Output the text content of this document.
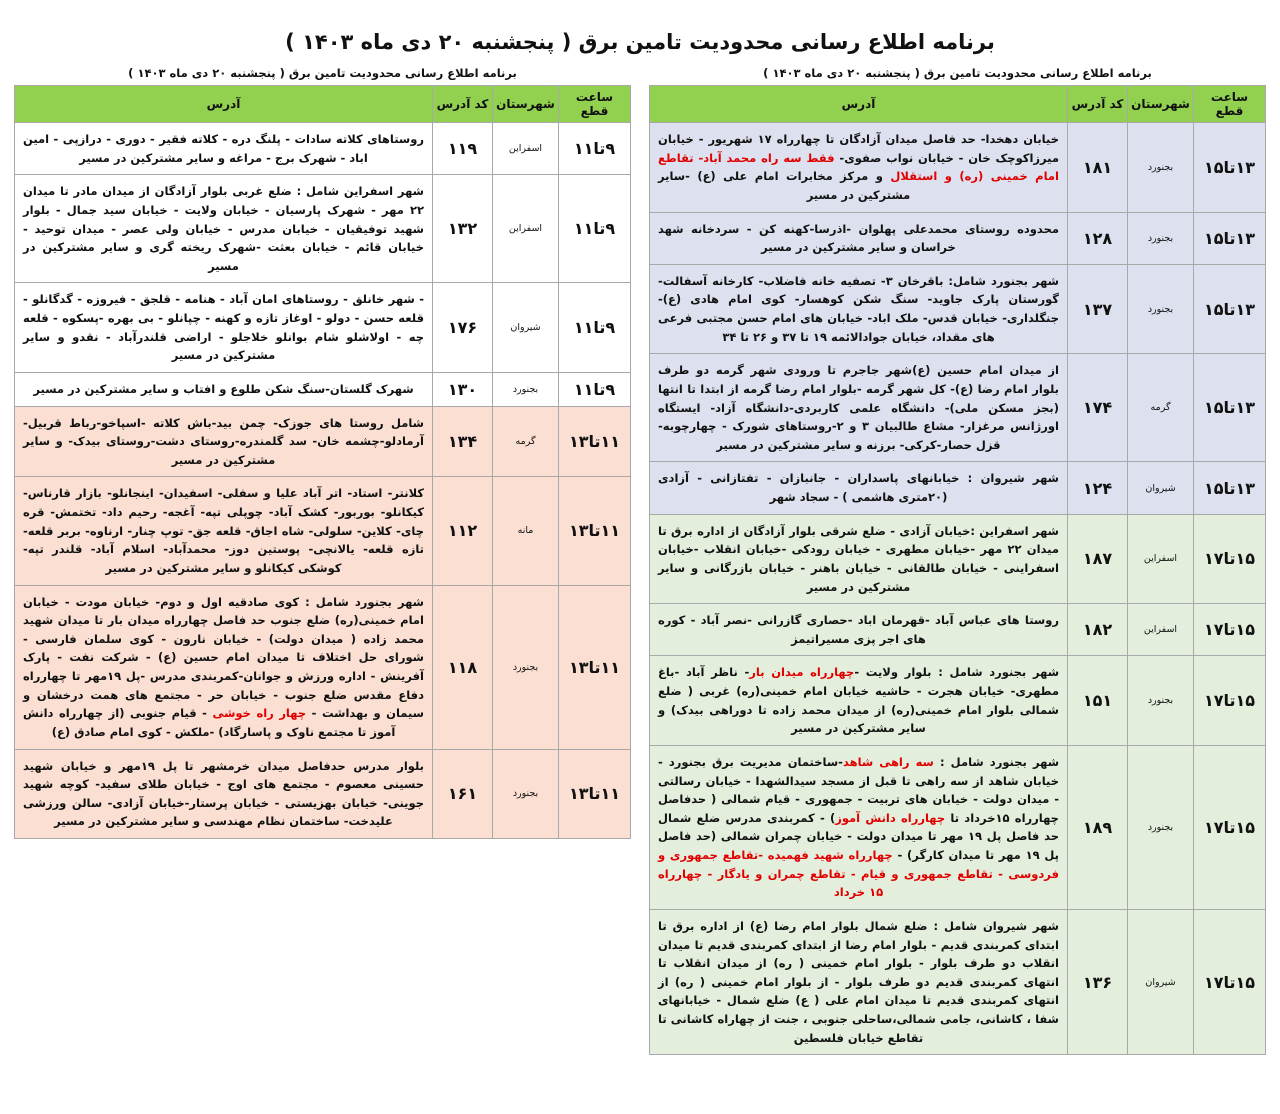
برنامه اطلاع رسانی محدودیت تامین برق ( پنجشنبه ۲۰ دی ماه ۱۴۰۳ )
برنامه اطلاع رسانی محدودیت تامین برق ( پنجشنبه ۲۰ دی ماه ۱۴۰۳ )
ساعت قطع	شهرستان	کد آدرس	آدرس
۹تا۱۱	اسفراین	۱۱۹	روستاهای کلاته سادات - پلنگ دره - کلاته فقیر - دوری - درازپی - امین اباد - شهرک برج - مراغه و سایر مشترکین در مسیر
۹تا۱۱	اسفراین	۱۳۲	شهر اسفراین شامل : ضلع غربی بلوار آزادگان از میدان مادر تا میدان ۲۲ مهر - شهرک پارسیان - خیابان ولایت - خیابان سید جمال - بلوار شهید توفیقیان - خیابان مدرس - خیابان ولی عصر - میدان توحید - خیابان قائم - خیابان بعثت -شهرک ریخته گری و سایر مشترکین در مسیر
۹تا۱۱	شیروان	۱۷۶	- شهر خانلق - روستاهای امان آباد - هنامه - قلجق - فیروزه - گدگانلو - قلعه حسن - دولو - اوغاز تازه و کهنه - چپانلو - بی بهره -پسکوه - قلعه چه - اولاشلو شام بوانلو خلاجلو - اراضی قلندرآباد - نقدو و سایر مشترکین در مسیر
۹تا۱۱	بجنورد	۱۳۰	شهرک گلستان-سنگ شکن طلوع و افتاب و سایر مشترکین در مسیر
۱۱تا۱۳	گرمه	۱۳۴	شامل روستا های جوزک- چمن بید-باش کلاته -اسپاخو-رباط قربیل-آرمادلو-چشمه خان- سد گلمندره-روستای دشت-روستای بیدک- و سایر مشترکین در مسیر
۱۱تا۱۳	مانه	۱۱۲	کلانتر- استاد- اتر آباد علیا و سفلی- اسفیدان- اینجانلو- بازار قارناس- کیکانلو- بوربور- کشک آباد- چوپلی تپه- آغجه- رحیم داد- تختمش- قره چای- کلاین- سلولی- شاه اجاق- قلعه جق- توپ چنار- ارناوه- بربر قلعه- تازه قلعه- یالانچی- پوستین دوز- محمدآباد- اسلام آباد- قلندر تپه- کوشکی کیکانلو و سایر مشترکین در مسیر
۱۱تا۱۳	بجنورد	۱۱۸	شهر بجنورد شامل : کوی صادقیه اول و دوم- خیابان مودت - خیابان امام خمینی(ره) ضلع جنوب حد فاصل چهارراه میدان بار تا میدان شهید محمد زاده ( میدان دولت) - خیابان نارون - کوی سلمان فارسی - شورای حل اختلاف تا میدان امام حسین (ع) - شرکت نفت - پارک آفرینش - اداره ورزش و جوانان-کمربندی مدرس -پل ۱۹مهر تا چهارراه دفاع مقدس ضلع جنوب - خیابان حر - مجتمع های همت درخشان و سیمان و بهداشت - چهار راه خوشی - قیام جنوبی (از چهارراه دانش آموز تا مجتمع ناوک و پاسارگاد) -ملکش - کوی امام صادق (ع)
۱۱تا۱۳	بجنورد	۱۶۱	بلوار مدرس حدفاصل میدان خرمشهر تا پل ۱۹مهر و خیابان شهید حسینی معصوم - مجتمع های اوج - خیابان طلای سفید- کوچه شهید جوینی- خیابان بهزیستی - خیابان پرستار-خیابان آزادی- سالن ورزشی علیدخت- ساختمان نظام مهندسی و سایر مشترکین در مسیر
برنامه اطلاع رسانی محدودیت تامین برق ( پنجشنبه ۲۰ دی ماه ۱۴۰۳ )
ساعت قطع	شهرستان	کد آدرس	آدرس
۱۳تا۱۵	بجنورد	۱۸۱	خیابان دهخدا- حد فاصل میدان آزادگان تا چهارراه ۱۷ شهریور - خیابان میرزاکوچک خان - خیابان نواب صفوی- فقط سه راه محمد آباد- تقاطع امام خمینی (ره) و استقلال و مرکز مخابرات امام علی (ع) -سایر مشترکین در مسیر
۱۳تا۱۵	بجنورد	۱۲۸	محدوده روستای محمدعلی پهلوان -اذرسا-کهنه کن - سردخانه شهد خراسان و سایر مشترکین در مسیر
۱۳تا۱۵	بجنورد	۱۳۷	شهر بجنورد شامل: باقرخان ۳- تصفیه خانه فاضلاب- کارخانه آسفالت- گورستان پارک جاوید- سنگ شکن کوهسار- کوی امام هادی (ع)- جنگلداری- خیابان قدس- ملک اباد- خیابان های امام حسن مجتبی فرعی های مقداد، خیابان جوادالائمه ۱۹ تا ۳۷ و ۲۶ تا ۳۴
۱۳تا۱۵	گرمه	۱۷۴	از میدان امام حسین (ع)شهر جاجرم تا ورودی شهر گرمه دو طرف بلوار امام رضا (ع)- کل شهر گرمه -بلوار امام رضا گرمه از ابتدا تا انتها (بجز مسکن ملی)- دانشگاه علمی کاربردی-دانشگاه آزاد- ایستگاه اورژانس مرغزار- مشاع طالبیان ۳ و ۲-روستاهای شورک - چهارچوبه-قزل حصار-کرکی- برزنه و سایر مشترکین در مسیر
۱۳تا۱۵	شیروان	۱۲۴	شهر شیروان : خیابانهای پاسداران - جانبازان - تفتازانی - آزادی (۲۰متری هاشمی ) - سجاد شهر
۱۵تا۱۷	اسفراین	۱۸۷	شهر اسفراین :خیابان آزادی - ضلع شرقی بلوار آزادگان از اداره برق تا میدان ۲۲ مهر -خیابان مطهری - خیابان رودکی -خیابان انقلاب -خیابان اسفراینی - خیابان طالقانی - خیابان باهنر - خیابان بازرگانی و سایر مشترکین در مسیر
۱۵تا۱۷	اسفراین	۱۸۲	روستا های عباس آباد -قهرمان اباد -حصاری گازرانی -نصر آباد - کوره های اجر پزی مسیراتیمز
۱۵تا۱۷	بجنورد	۱۵۱	شهر بجنورد شامل : بلوار ولایت -چهارراه میدان بار- ناظر آباد -باغ مطهری- خیابان هجرت - حاشیه خیابان امام خمینی(ره) غربی ( ضلع شمالی بلوار امام خمینی(ره) از میدان محمد زاده تا دوراهی بیدک) و سایر مشترکین در مسیر
۱۵تا۱۷	بجنورد	۱۸۹	شهر بجنورد شامل : سه راهی شاهد-ساختمان مدیریت برق بجنورد - خیابان شاهد از سه راهی تا قبل از مسجد سیدالشهدا - خیابان رسالتی - میدان دولت - خیابان های تربیت - جمهوری - قیام شمالی ( حدفاصل چهارراه ۱۵خرداد تا چهارراه دانش آموز) - کمربندی مدرس ضلع شمال حد فاصل پل ۱۹ مهر تا میدان دولت - خیابان چمران شمالی (حد فاصل پل ۱۹ مهر تا میدان کارگر) - چهارراه شهید فهمیده -تقاطع جمهوری و فردوسی - تقاطع جمهوری و قیام - تقاطع چمران و یادگار - چهارراه ۱۵ خرداد
۱۵تا۱۷	شیروان	۱۳۶	شهر شیروان شامل : ضلع شمال بلوار امام رضا (ع) از اداره برق تا ابتدای کمربندی قدیم - بلوار امام رضا از ابتدای کمربندی قدیم تا میدان انقلاب دو طرف بلوار - بلوار امام خمینی ( ره) از میدان انقلاب تا انتهای کمربندی قدیم دو طرف بلوار - از بلوار امام خمینی ( ره) از انتهای کمربندی قدیم تا میدان امام علی ( ع) ضلع شمال - خیابانهای شفا ، کاشانی، جامی شمالی،ساحلی جنوبی ، جنت از چهاراه کاشانی تا تقاطع خیابان فلسطین
